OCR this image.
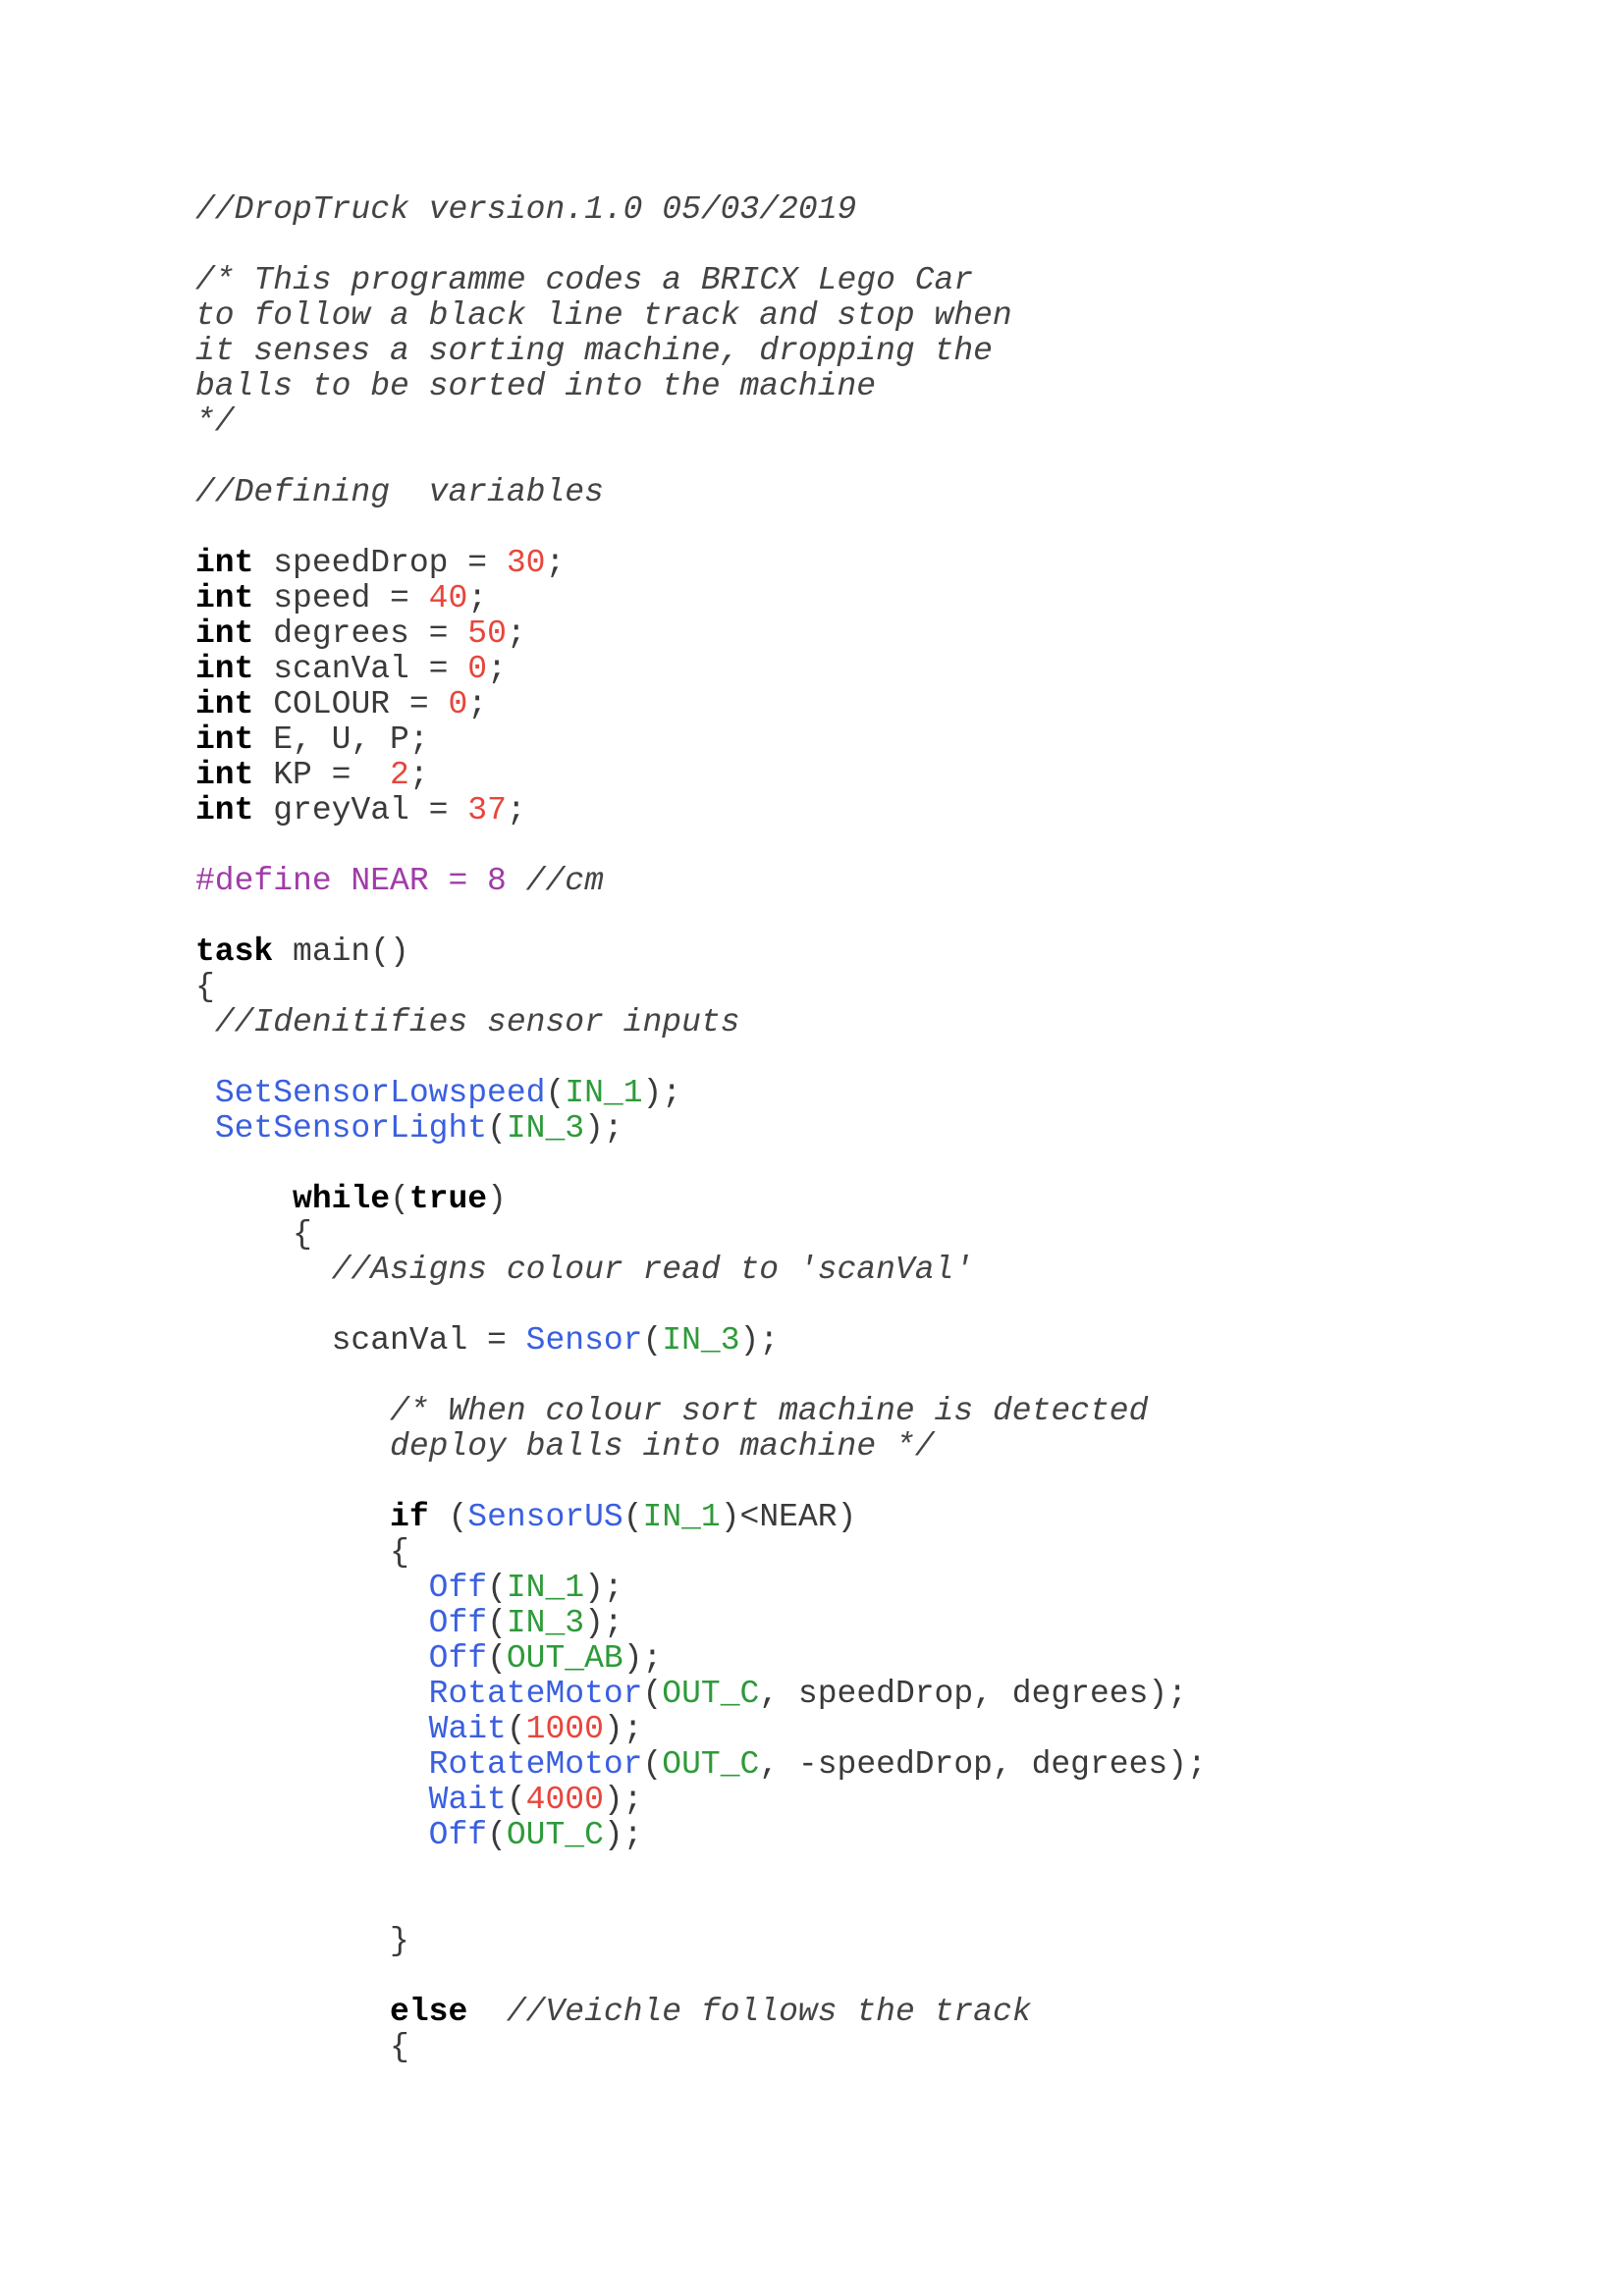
//DropTruck version.1.0 05/03/2019
/* This programme codes a BRICX Lego Car
to follow a black line track and stop when
it senses a sorting machine, dropping the
balls to be sorted into the machine
*/
//Defining  variables
int speedDrop = 30;
int speed = 40;
int degrees = 50;
int scanVal = 0;
int COLOUR = 0;
int E, U, P;
int KP =  2;
int greyVal = 37;
#define NEAR = 8 //cm
task main()
{
//Idenitifies sensor inputs
SetSensorLowspeed(IN_1);
SetSensorLight(IN_3);
while(true)
{
//Asigns colour read to 'scanVal'
scanVal = Sensor(IN_3);
/* When colour sort machine is detected
deploy balls into machine */
if (SensorUS(IN_1)<NEAR)
{
Off(IN_1);
Off(IN_3);
Off(OUT_AB);
RotateMotor(OUT_C, speedDrop, degrees);
Wait(1000);
RotateMotor(OUT_C, -speedDrop, degrees);
Wait(4000);
Off(OUT_C);
}
else //Veichle follows the track
{
